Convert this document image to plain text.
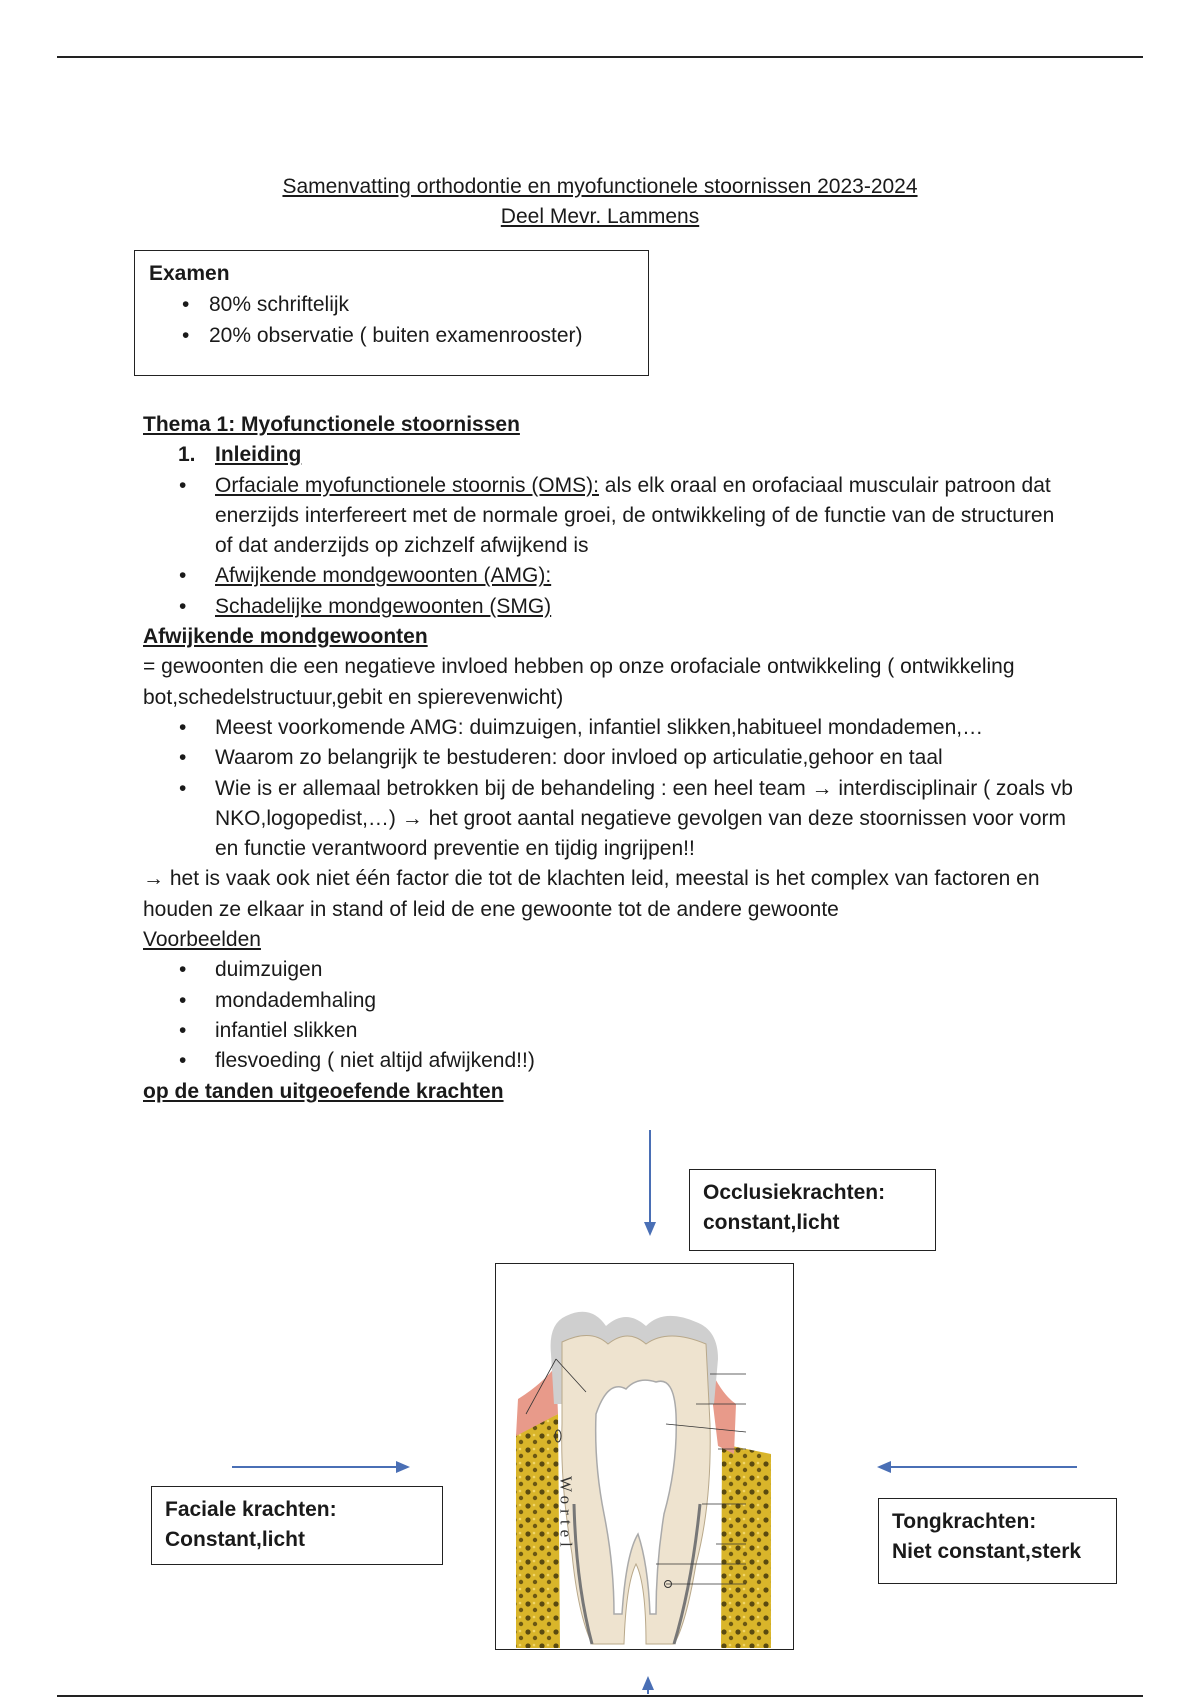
Samenvatting orthodontie en myofunctionele stoornissen 2023-2024
Deel Mevr. Lammens
Examen
• 80% schriftelijk
• 20% observatie ( buiten examenrooster)

Thema 1: Myofunctionele stoornissen

1. Inleiding
• Orfaciale myofunctionele stoornis (OMS): als elk oraal en orofaciaal musculair patroon dat enerzijds interfereert met de normale groei, de ontwikkeling of de functie van de structuren of dat anderzijds op zichzelf afwijkend is
• Afwijkende mondgewoonten (AMG):
• Schadelijke mondgewoonten (SMG)

Afwijkende mondgewoonten

= gewoonten die een negatieve invloed hebben op onze orofaciale ontwikkeling ( ontwikkeling bot,schedelstructuur,gebit en spierevenwicht)

• Meest voorkomende AMG: duimzuigen, infantiel slikken,habitueel mondademen,…
• Waarom zo belangrijk te bestuderen: door invloed op articulatie,gehoor en taal
• Wie is er allemaal betrokken bij de behandeling : een heel team → interdisciplinair ( zoals vb NKO,logopedist,…) → het groot aantal negatieve gevolgen van deze stoornissen voor vorm en functie verantwoord preventie en tijdig ingrijpen!!

→ het is vaak ook niet één factor die tot de klachten leid, meestal is het complex van factoren en houden ze elkaar in stand of leid de ene gewoonte tot de andere gewoonte

Voorbeelden

• duimzuigen
• mondademhaling
• infantiel slikken
• flesvoeding ( niet altijd afwijkend!!)

op de tanden uitgeoefende krachten

Occlusiekrachten:
constant,licht
Faciale krachten:
Constant,licht
Tongkrachten:
Niet constant,sterk
Wortel
